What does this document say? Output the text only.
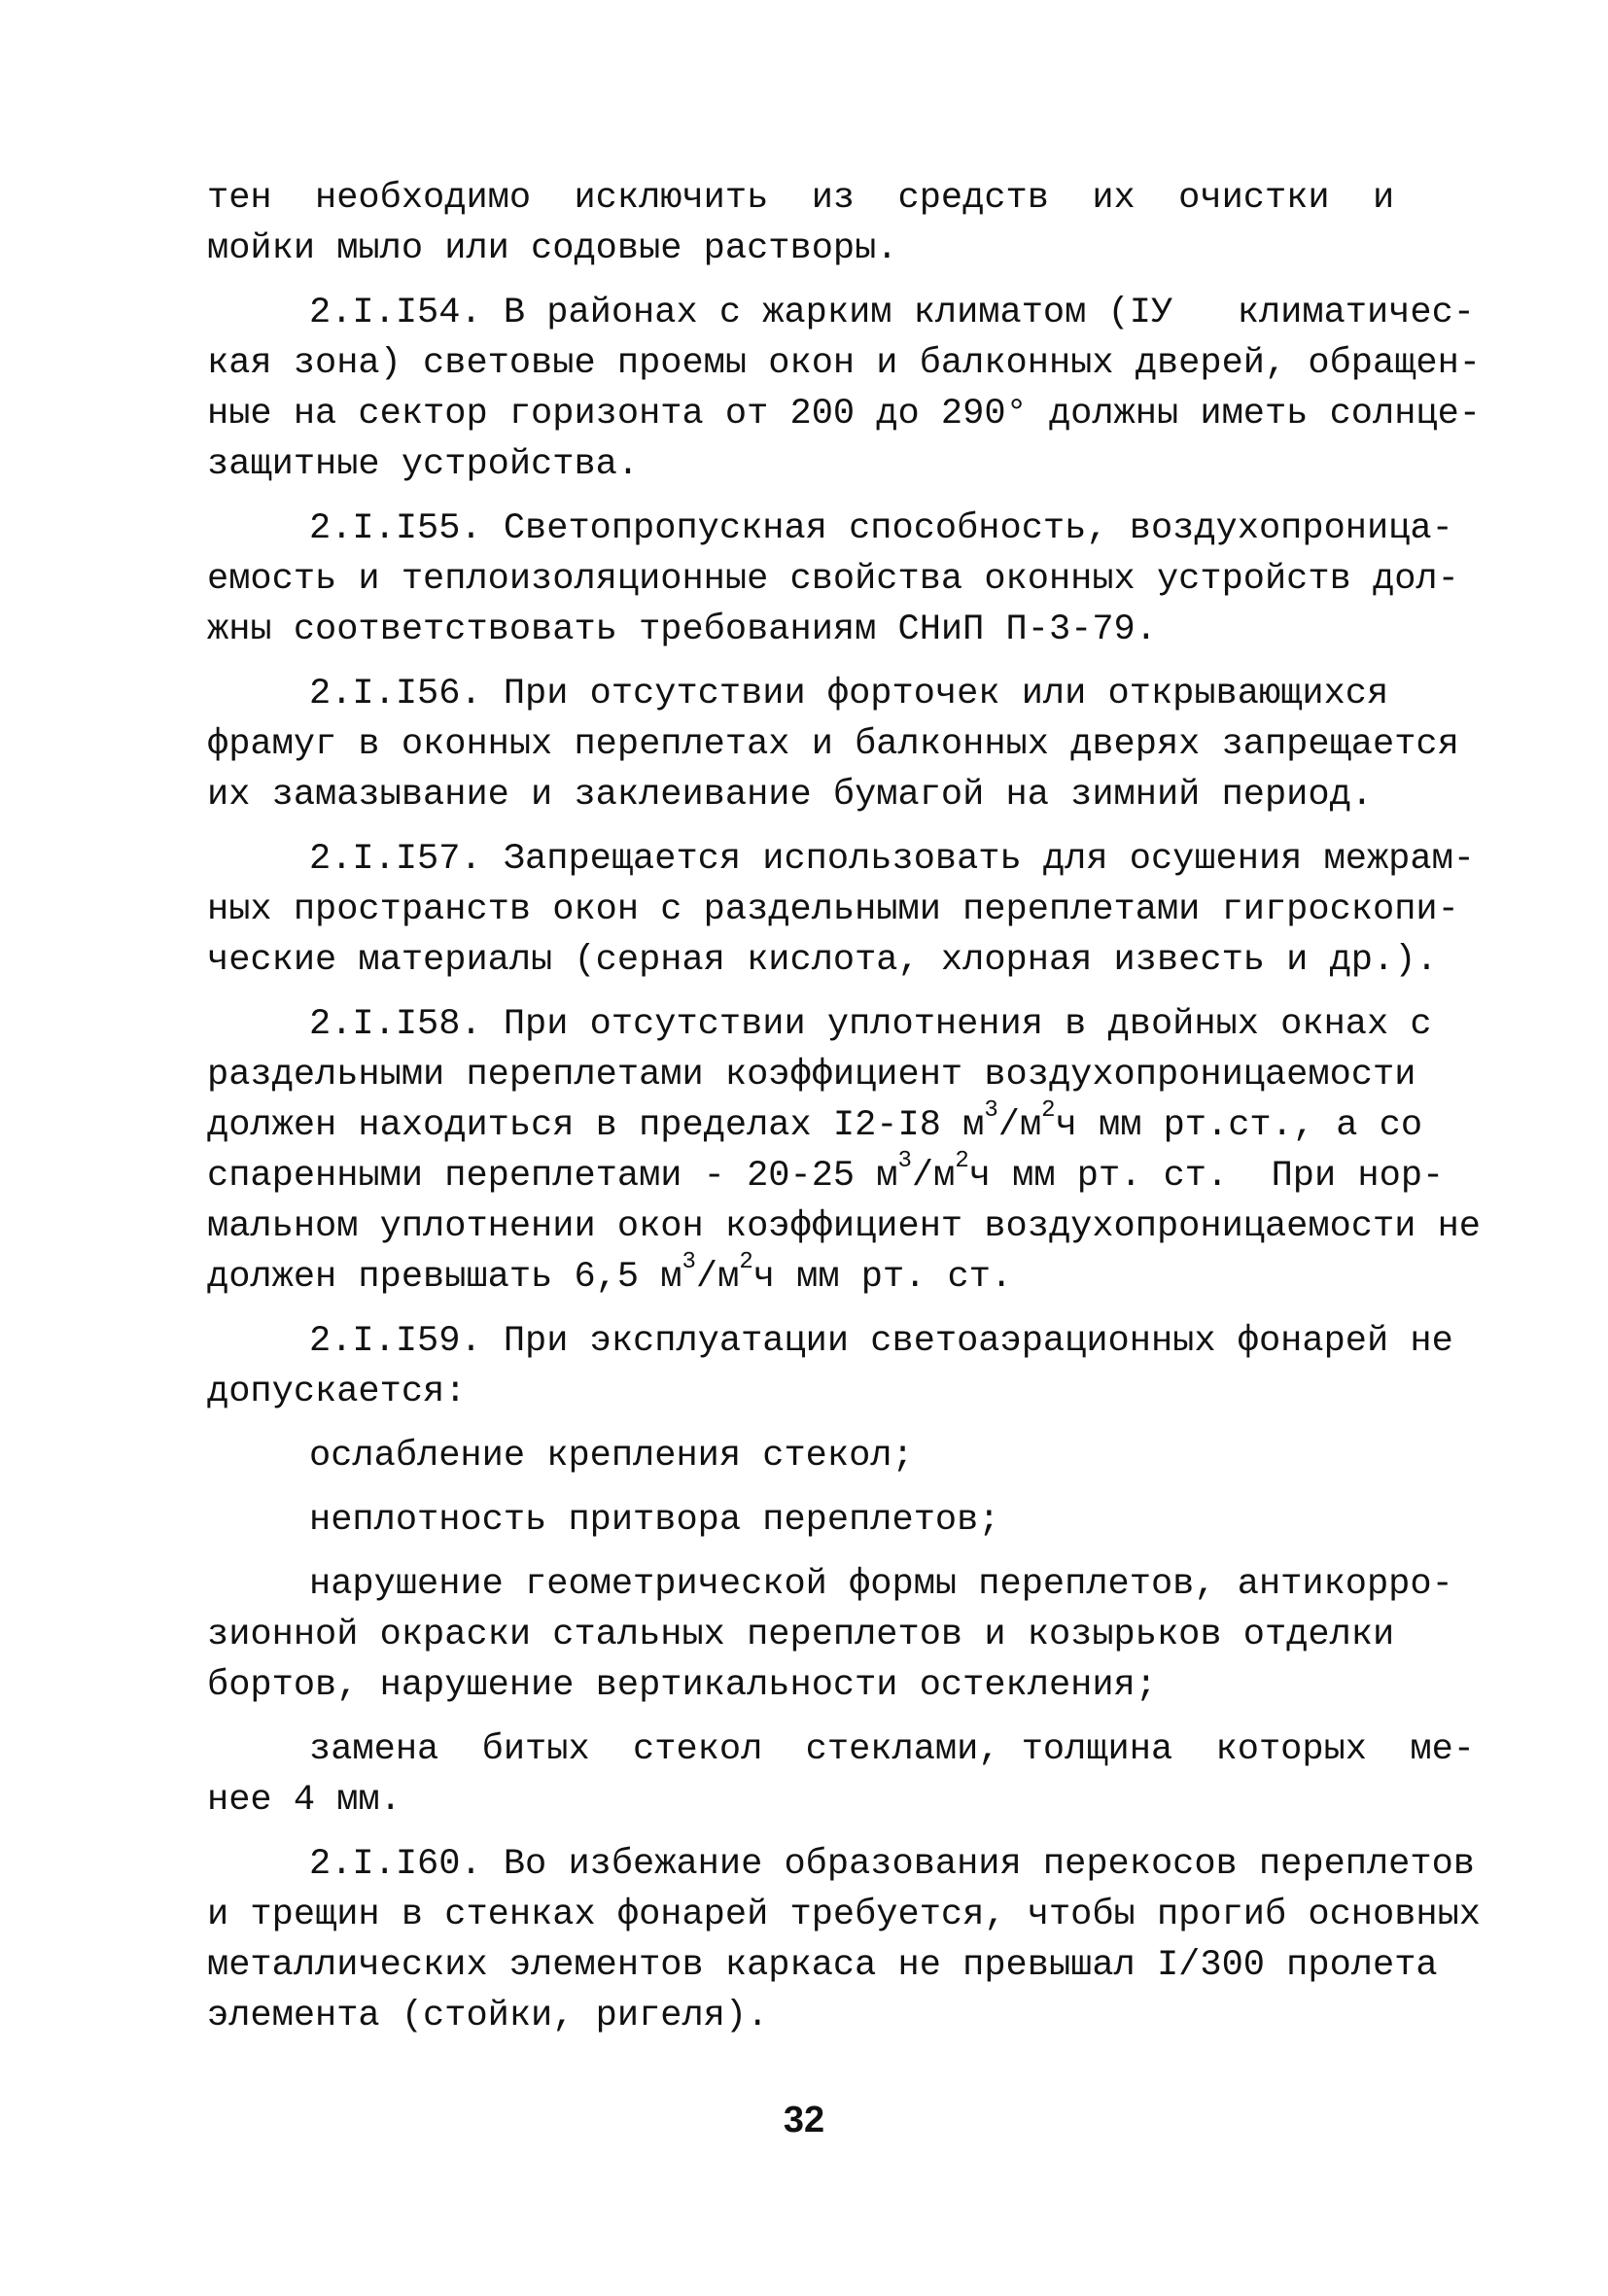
тен  необходимо  исключить  из  средств  их  очистки  и
мойки мыло или содовые растворы.
2.I.I54. В районах с жарким климатом (IУ   климатичес-
кая зона) световые проемы окон и балконных дверей, обращен-
ные на сектор горизонта от 200 до 290° должны иметь солнце-
защитные устройства.
2.I.I55. Светопропускная способность, воздухопроница-
емость и теплоизоляционные свойства оконных устройств дол-
жны соответствовать требованиям СНиП П-3-79.
2.I.I56. При отсутствии форточек или открывающихся
фрамуг в оконных переплетах и балконных дверях запрещается
их замазывание и заклеивание бумагой на зимний период.
2.I.I57. Запрещается использовать для осушения межрам-
ных пространств окон с раздельными переплетами гигроскопи-
ческие материалы (серная кислота, хлорная известь и др.).
2.I.I58. При отсутствии уплотнения в двойных окнах с
раздельными переплетами коэффициент воздухопроницаемости
должен находиться в пределах I2-I8 $м^3/м^2ч$ мм рт.ст., а со
спаренными переплетами - 20-25 $м^3/м^2ч$ мм рт. ст.  При нор-
мальном уплотнении окон коэффициент воздухопроницаемости не
должен превышать 6,5 $м^3/м^2ч$ мм рт. ст.
2.I.I59. При эксплуатации светоаэрационных фонарей не
допускается:
ослабление крепления стекол;
неплотность притвора переплетов;
нарушение геометрической формы переплетов, антикорро-
зионной окраски стальных переплетов и козырьков отделки
бортов, нарушение вертикальности остекления;
замена  битых  стекол  стеклами, толщина  которых  ме-
нее 4 мм.
2.I.I60. Во избежание образования перекосов переплетов
и трещин в стенках фонарей требуется, чтобы прогиб основных
металлических элементов каркаса не превышал I/300 пролета
элемента (стойки, ригеля).
32
